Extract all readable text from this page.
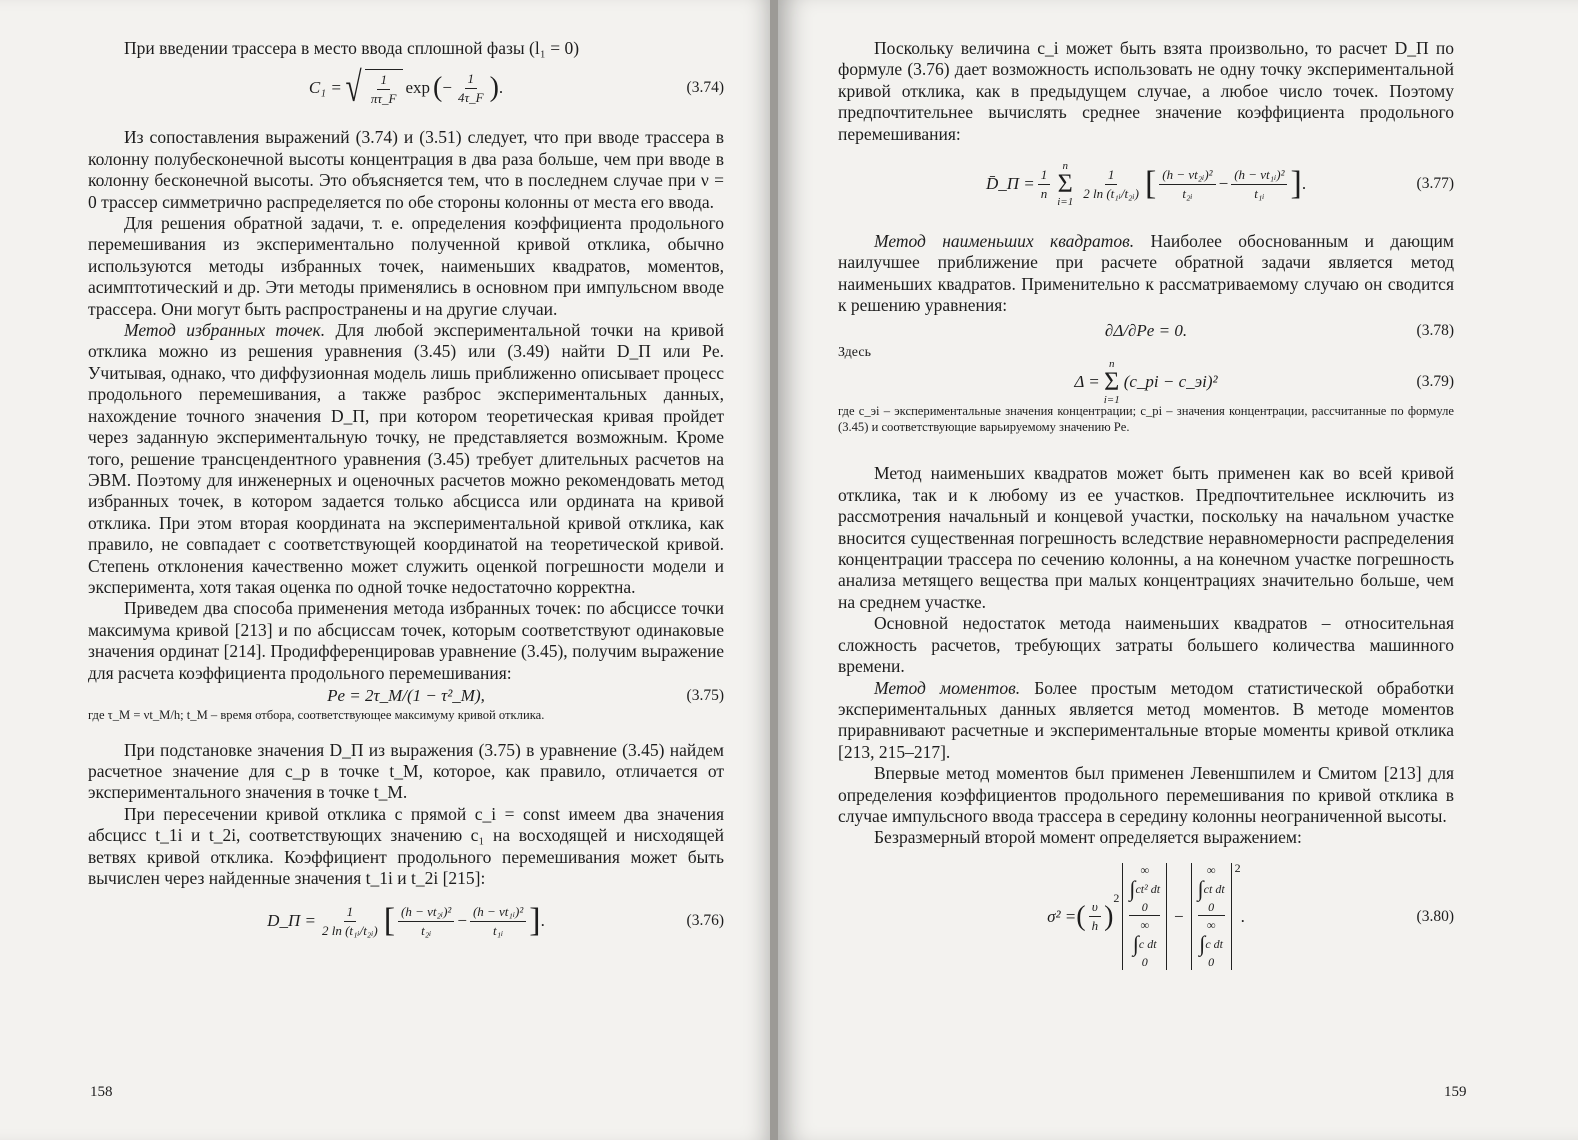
При введении трассера в место ввода сплошной фазы (l₁ = 0)

C₁ = √ $\frac{1}{\pi\tau\_F}$ exp ( − $\frac{1}{4\tau\_F}$ ) .	(3.74)

Из сопоставления выражений (3.74) и (3.51) следует, что при вводе трассера в колонну полубесконечной высоты концентрация в два раза больше, чем при вводе в колонну бесконечной высоты. Это объясняется тем, что в последнем случае при ν = 0 трассер симметрично распределяется по обе стороны колонны от места его ввода.

Для решения обратной задачи, т. е. определения коэффициента продольного перемешивания из экспериментально полученной кривой отклика, обычно используются методы избранных точек, наименьших квадратов, моментов, асимптотический и др. Эти методы применялись в основном при импульсном вводе трассера. Они могут быть распространены и на другие случаи.

Метод избранных точек. Для любой экспериментальной точки на кривой отклика можно из решения уравнения (3.45) или (3.49) найти D_П или Pe. Учитывая, однако, что диффузионная модель лишь приближенно описывает процесс продольного перемешивания, а также разброс экспериментальных данных, нахождение точного значения D_П, при котором теоретическая кривая пройдет через заданную экспериментальную точку, не представляется возможным. Кроме того, решение трансцендентного уравнения (3.45) требует длительных расчетов на ЭВМ. Поэтому для инженерных и оценочных расчетов можно рекомендовать метод избранных точек, в котором задается только абсцисса или ордината на кривой отклика. При этом вторая координата на экспериментальной кривой отклика, как правило, не совпадает с соответствующей координатой на теоретической кривой. Степень отклонения качественно может служить оценкой погрешности модели и эксперимента, хотя такая оценка по одной точке недостаточно корректна.

Приведем два способа применения метода избранных точек: по абсциссе точки максимума кривой [213] и по абсциссам точек, которым соответствуют одинаковые значения ординат [214]. Продифференцировав уравнение (3.45), получим выражение для расчета коэффициента продольного перемешивания:

Pe = 2τ_М/(1 − τ²_М),	(3.75)

где τ_М = νt_М/h; t_М – время отбора, соответствующее максимуму кривой отклика.

При подстановке значения D_П из выражения (3.75) в уравнение (3.45) найдем расчетное значение для c_р в точке t_М, которое, как правило, отличается от экспериментального значения в точке t_М.

При пересечении кривой отклика с прямой c_i = const имеем два значения абсцисс t_1i и t_2i, соответствующих значению c₁ на восходящей и нисходящей ветвях кривой отклика. Коэффициент продольного перемешивания может быть вычислен через найденные значения t_1i и t_2i [215]:

D_П = $\frac{1}{\text{2 ln (t₁ᵢ/t₂ᵢ)}}$ [ $\frac{\text{(h − νt₂ᵢ)²}}{\text{t₂ᵢ}} - \frac{\text{(h − νt₁ᵢ)²}}{\text{t₁ᵢ}}$ ] .	(3.76)
158

Поскольку величина c_i может быть взята произвольно, то расчет D_П по формуле (3.76) дает возможность использовать не одну точку экспериментальной кривой отклика, как в предыдущем случае, а любое число точек. Поэтому предпочтительнее вычислять среднее значение коэффициента продольного перемешивания:

D̄_П = $\frac{1}{n}$
n
Σ
i=1
$\frac{1}{\text{2 ln (t₁ᵢ/t₂ᵢ)}}$ [ $\frac{\text{(h − νt₂ᵢ)²}}{\text{t₂ᵢ}} - \frac{\text{(h − νt₁ᵢ)²}}{\text{t₁ᵢ}}$ ] .	(3.77)

Метод наименьших квадратов. Наиболее обоснованным и дающим наилучшее приближение при расчете обратной задачи является метод наименьших квадратов. Применительно к рассматриваемому случаю он сводится к решению уравнения:

∂Δ/∂Pe = 0.	(3.78)

Здесь

Δ =
n
Σ
i=1
(c_pi − c_эi)²	(3.79)

где c_эi – экспериментальные значения концентрации; c_pi – значения концентрации, рассчитанные по формуле (3.45) и соответствующие варьируемому значению Pe.

Метод наименьших квадратов может быть применен как во всей кривой отклика, так и к любому из ее участков. Предпочтительнее исключить из рассмотрения начальный и концевой участки, поскольку на начальном участке вносится существенная погрешность вследствие неравномерности распределения концентрации трассера по сечению колонны, а на конечном участке погрешность анализа метящего вещества при малых концентрациях значительно больше, чем на среднем участке.

Основной недостаток метода наименьших квадратов – относительная сложность расчетов, требующих затраты большего количества машинного времени.

Метод моментов. Более простым методом статистической обработки экспериментальных данных является метод моментов. В методе моментов приравнивают расчетные и экспериментальные вторые моменты кривой отклика [213, 215–217].

Впервые метод моментов был применен Левеншпилем и Смитом [213] для определения коэффициентов продольного перемешивания по кривой отклика в случае импульсного ввода трассера в середину колонны неограниченной высоты.

Безразмерный второй момент определяется выражением:

σ² = ( $\frac{\upsilon}{h}$ )
$^2$
∞
∫ ct² dt
0
∞
∫ c dt
0
−
∞
∫ ct dt
0
∞
∫ c dt
0
$^2$
.	(3.80)
159
